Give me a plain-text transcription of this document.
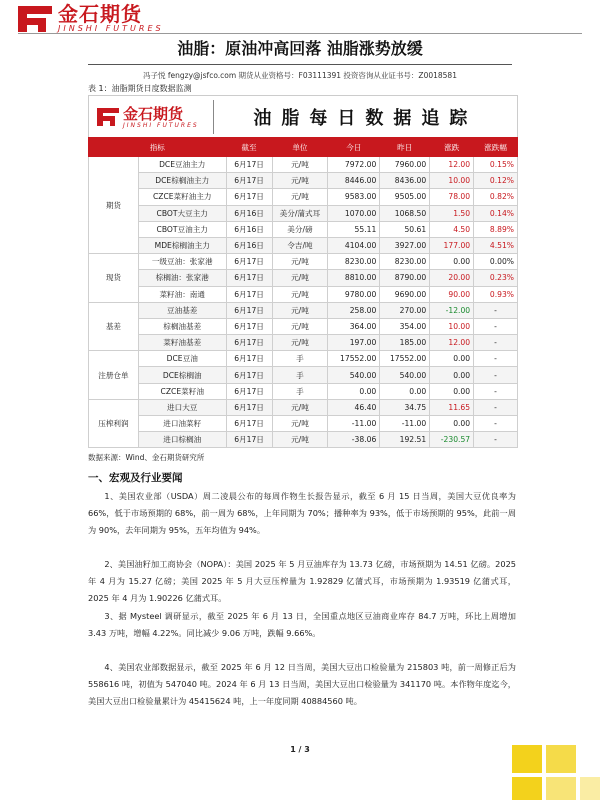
金石期货
JINSHI FUTURES
油脂：原油冲高回落 油脂涨势放缓
冯子悦 fengzy@jsfco.com 期货从业资格号：F03111391 投资咨询从业证书号：Z0018581
表 1：油脂期货日度数据监测
金石期货
JINSHI FUTURES	油脂每日数据追踪
指标		截至	单位	今日	昨日	涨跌	涨跌幅
期货	DCE豆油主力	6月17日	元/吨	7972.00	7960.00	12.00	0.15%
	DCE棕榈油主力	6月17日	元/吨	8446.00	8436.00	10.00	0.12%
	CZCE菜籽油主力	6月17日	元/吨	9583.00	9505.00	78.00	0.82%
	CBOT大豆主力	6月16日	美分/蒲式耳	1070.00	1068.50	1.50	0.14%
	CBOT豆油主力	6月16日	美分/磅	55.11	50.61	4.50	8.89%
	MDE棕榈油主力	6月16日	令吉/吨	4104.00	3927.00	177.00	4.51%
现货	一级豆油：张家港	6月17日	元/吨	8230.00	8230.00	0.00	0.00%
	棕榈油：张家港	6月17日	元/吨	8810.00	8790.00	20.00	0.23%
	菜籽油：南通	6月17日	元/吨	9780.00	9690.00	90.00	0.93%
基差	豆油基差	6月17日	元/吨	258.00	270.00	-12.00	-
	棕榈油基差	6月17日	元/吨	364.00	354.00	10.00	-
	菜籽油基差	6月17日	元/吨	197.00	185.00	12.00	-
注册仓单	DCE豆油	6月17日	手	17552.00	17552.00	0.00	-
	DCE棕榈油	6月17日	手	540.00	540.00	0.00	-
	CZCE菜籽油	6月17日	手	0.00	0.00	0.00	-
压榨利润	进口大豆	6月17日	元/吨	46.40	34.75	11.65	-
	进口油菜籽	6月17日	元/吨	-11.00	-11.00	0.00	-
	进口棕榈油	6月17日	元/吨	-38.06	192.51	-230.57	-
数据来源：Wind、金石期货研究所
一、宏观及行业要闻
1、美国农业部（USDA）周二凌晨公布的每周作物生长报告显示，截至 6 月 15 日当周，美国大豆优良率为 66%，低于市场预期的 68%，前一周为 68%，上年同期为 70%；播种率为 93%，低于市场预期的 95%，此前一周为 90%，去年同期为 95%，五年均值为 94%。
2、美国油籽加工商协会（NOPA）：美国 2025 年 5 月豆油库存为 13.73 亿磅，市场预期为 14.51 亿磅。2025 年 4 月为 15.27 亿磅；美国 2025 年 5 月大豆压榨量为 1.92829 亿蒲式耳，市场预期为 1.93519 亿蒲式耳，2025 年 4 月为 1.90226 亿蒲式耳。
3、据 Mysteel 调研显示，截至 2025 年 6 月 13 日，全国重点地区豆油商业库存 84.7 万吨，环比上周增加 3.43 万吨，增幅 4.22%。同比减少 9.06 万吨，跌幅 9.66%。
4、美国农业部数据显示，截至 2025 年 6 月 12 日当周，美国大豆出口检验量为 215803 吨，前一周修正后为 558616 吨，初值为 547040 吨。2024 年 6 月 13 日当周，美国大豆出口检验量为 341170 吨。本作物年度迄今，美国大豆出口检验量累计为 45415624 吨，上一年度同期 40884560 吨。
1 / 3
